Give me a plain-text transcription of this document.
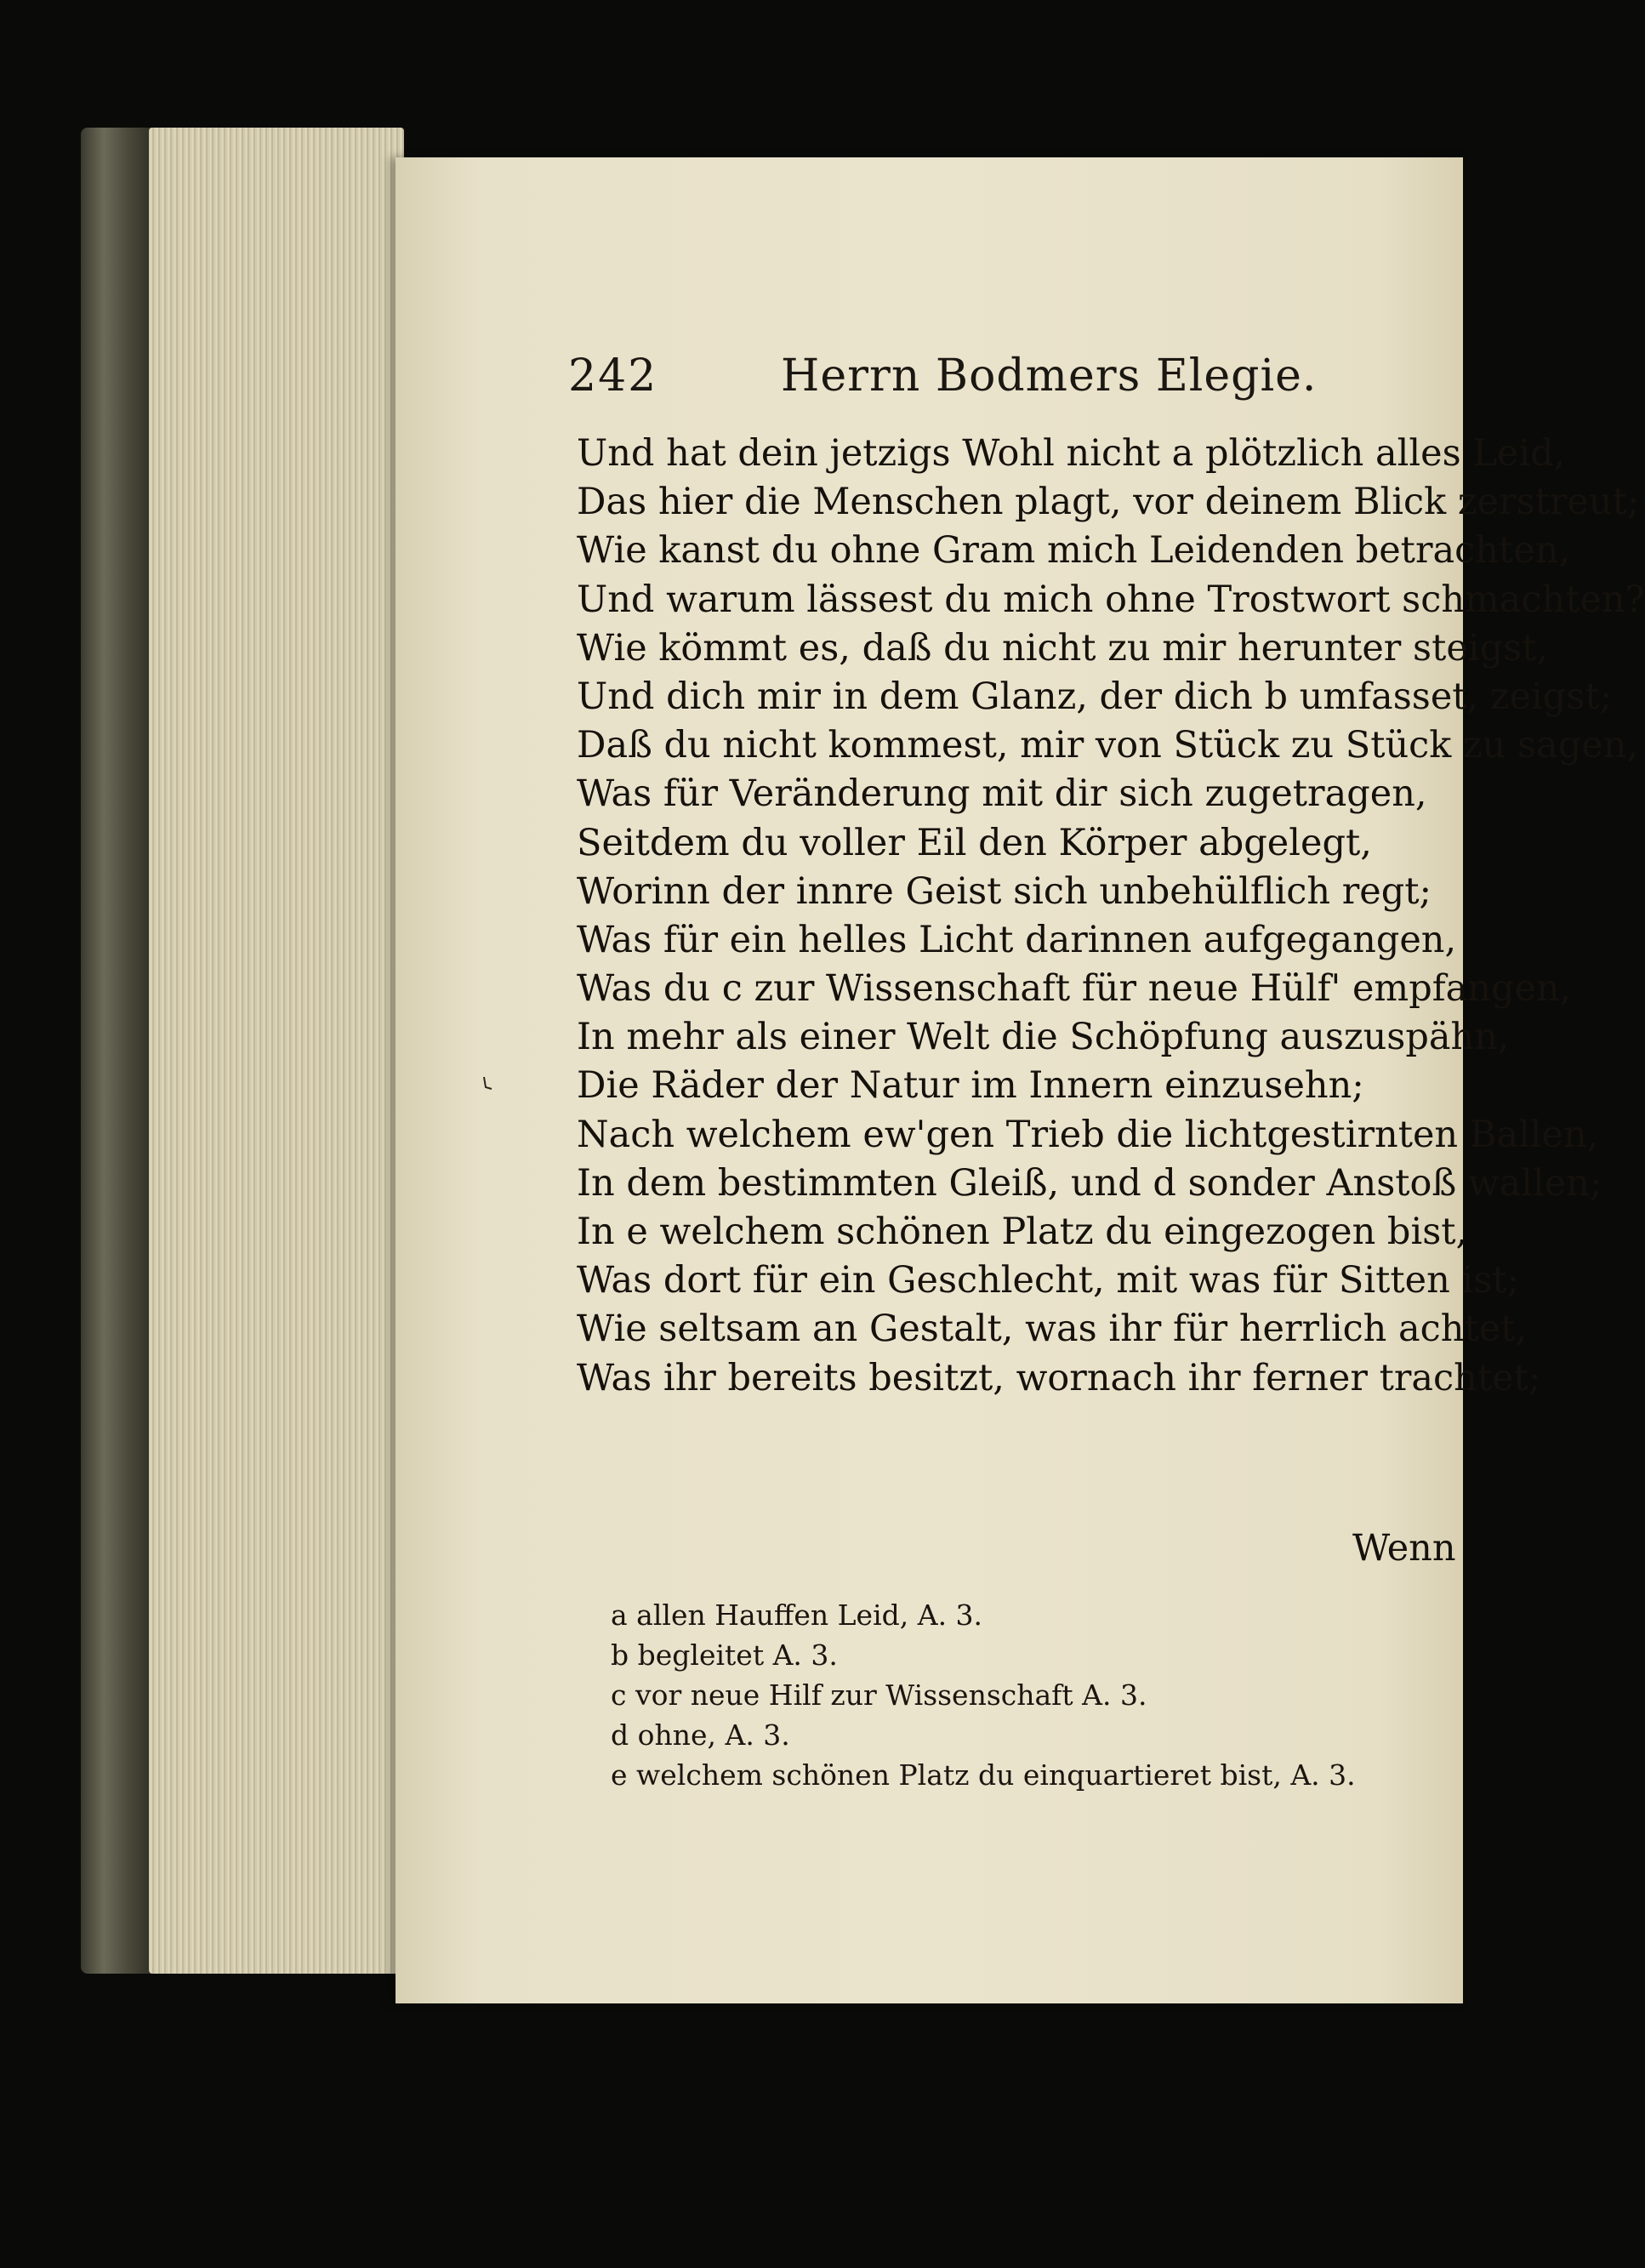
242	Herrn Bodmers Elegie.
Und hat dein jetzigs Wohl nicht a plötzlich alles Leid,
Das hier die Menschen plagt, vor deinem Blick zerstreut;
Wie kanst du ohne Gram mich Leidenden betrachten,
Und warum lässest du mich ohne Trostwort schmachten?
Wie kömmt es, daß du nicht zu mir herunter steigst,
Und dich mir in dem Glanz, der dich b umfasset, zeigst;
Daß du nicht kommest, mir von Stück zu Stück zu sagen,
Was für Veränderung mit dir sich zugetragen,
Seitdem du voller Eil den Körper abgelegt,
Worinn der innre Geist sich unbehülflich regt;
Was für ein helles Licht darinnen aufgegangen,
Was du c zur Wissenschaft für neue Hülf' empfangen,
In mehr als einer Welt die Schöpfung auszuspähn,
Die Räder der Natur im Innern einzusehn;
Nach welchem ew'gen Trieb die lichtgestirnten Ballen,
In dem bestimmten Gleiß, und d sonder Anstoß wallen;
In e welchem schönen Platz du eingezogen bist,
Was dort für ein Geschlecht, mit was für Sitten ist;
Wie seltsam an Gestalt, was ihr für herrlich achtet,
Was ihr bereits besitzt, wornach ihr ferner trachtet;
Wenn
a allen Hauffen Leid, A. 3.
b begleitet A. 3.
c vor neue Hilf zur Wissenschaft A. 3.
d ohne, A. 3.
e welchem schönen Platz du einquartieret bist, A. 3.
